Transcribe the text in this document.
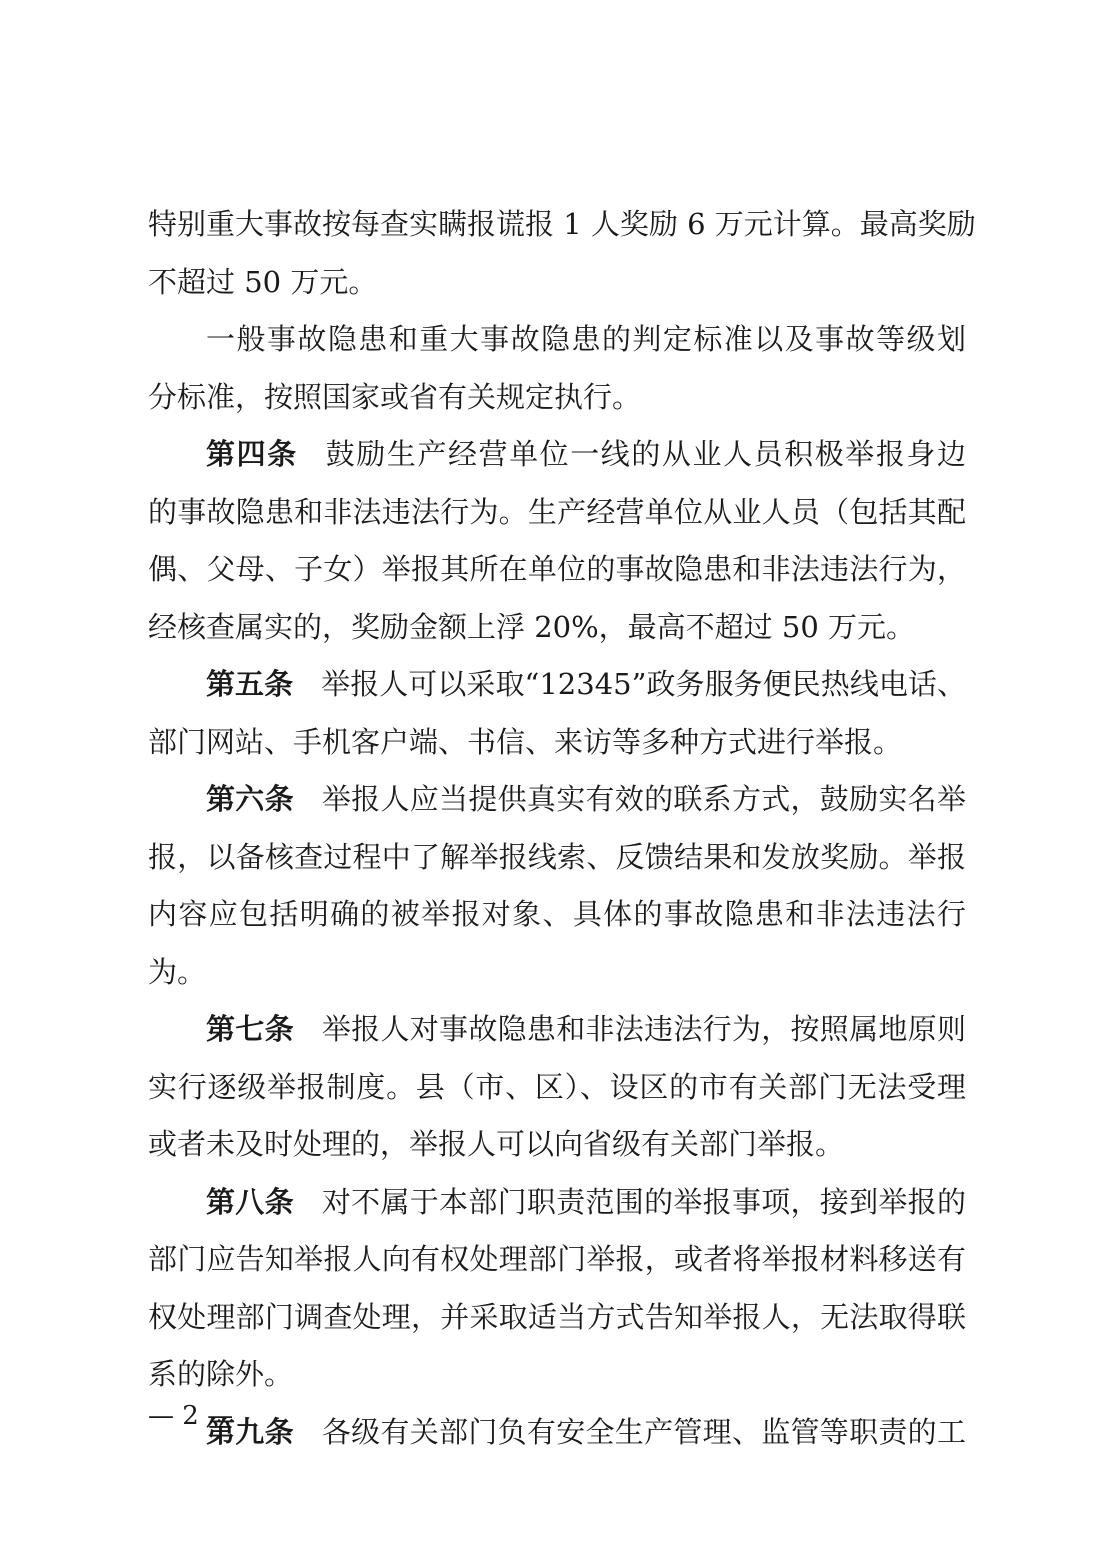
特别重大事故按每查实瞒报谎报 1 人奖励 6 万元计算。最高奖励
不超过 50 万元。
一般事故隐患和重大事故隐患的判定标准以及事故等级划
分标准，按照国家或省有关规定执行。
第四条 鼓励生产经营单位一线的从业人员积极举报身边
的事故隐患和非法违法行为。生产经营单位从业人员（包括其配
偶、父母、子女）举报其所在单位的事故隐患和非法违法行为，
经核查属实的，奖励金额上浮 20%，最高不超过 50 万元。
第五条 举报人可以采取“12345”政务服务便民热线电话、
部门网站、手机客户端、书信、来访等多种方式进行举报。
第六条 举报人应当提供真实有效的联系方式，鼓励实名举
报，以备核查过程中了解举报线索、反馈结果和发放奖励。举报
内容应包括明确的被举报对象、具体的事故隐患和非法违法行
为。
第七条 举报人对事故隐患和非法违法行为，按照属地原则
实行逐级举报制度。县（市、区）、设区的市有关部门无法受理
或者未及时处理的，举报人可以向省级有关部门举报。
第八条 对不属于本部门职责范围的举报事项，接到举报的
部门应告知举报人向有权处理部门举报，或者将举报材料移送有
权处理部门调查处理，并采取适当方式告知举报人，无法取得联
系的除外。
第九条 各级有关部门负有安全生产管理、监管等职责的工
— 2 —
